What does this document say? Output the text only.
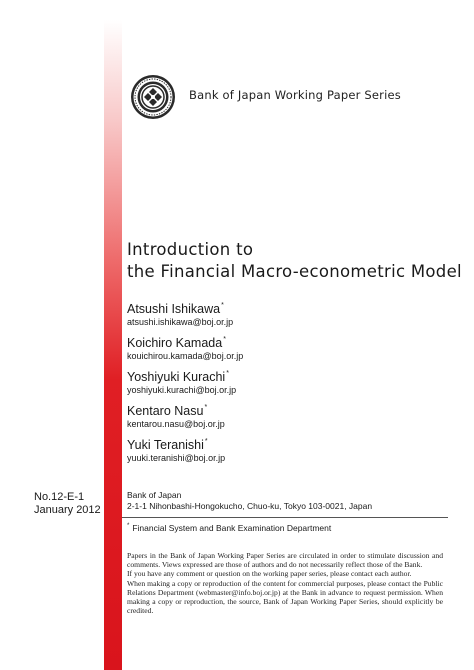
Bank of Japan Working Paper Series
Introduction to
the Financial Macro-econometric Model
Atsushi Ishikawa*
atsushi.ishikawa@boj.or.jp
Koichiro Kamada*
kouichirou.kamada@boj.or.jp
Yoshiyuki Kurachi*
yoshiyuki.kurachi@boj.or.jp
Kentaro Nasu*
kentarou.nasu@boj.or.jp
Yuki Teranishi*
yuuki.teranishi@boj.or.jp
No.12-E-1
January 2012
Bank of Japan
2-1-1 Nihonbashi-Hongokucho, Chuo-ku, Tokyo 103-0021, Japan
* Financial System and Bank Examination Department

Papers in the Bank of Japan Working Paper Series are circulated in order to stimulate discussion and comments. Views expressed are those of authors and do not necessarily reflect those of the Bank.

If you have any comment or question on the working paper series, please contact each author.

When making a copy or reproduction of the content for commercial purposes, please contact the Public Relations Department (webmaster@info.boj.or.jp) at the Bank in advance to request permission. When making a copy or reproduction, the source, Bank of Japan Working Paper Series, should explicitly be credited.
